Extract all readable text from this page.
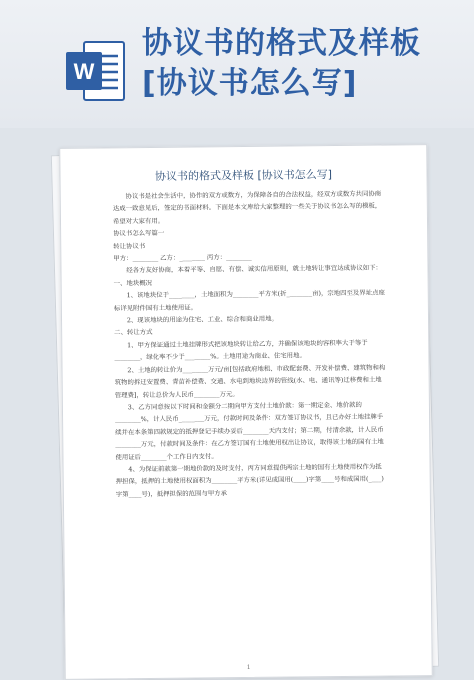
W
协议书的格式及样板[协议书怎么写]
协议书的格式及样板 [协议书怎么写]

协议书是社会生活中，协作的双方或数方，为保障各自的合法权益，经双方或数方共同协商达成一致意见后，签定的书面材料。下面是本文库给大家整理的一些关于协议书怎么写的模板，希望对大家有用。

协议书怎么写篇一

转让协议书

甲方：________ 乙方：________ 丙方：________

经各方友好协商，本着平等、自愿、有偿、诚实信用原则，就土地转让事宜达成协议如下：

一、地块概况

1、该地块位于________，土地面积为________平方米(折________亩)，宗地四至及界址点座标详见附件国有土地使用证。

2、现该地块的用途为住宅、工业、综合和商业用地。

二、转让方式

1、甲方保证通过土地挂牌形式把该地块转让给乙方，并确保该地块的容积率大于等于________，绿化率不少于________%。土地用途为商业、住宅用地。

2、土地的转让价为________万元/亩[包括政府地租、市政配套费、开发补偿费、建筑物和构筑物的拆迁安置费、青苗补偿费、交通、水电到地块边界的管线(水、电、通讯等)迁移费和土地管理费]，转让总价为人民币________万元。

3、乙方同意按以下时间和金额分二期向甲方支付土地价款：第一期定金、地价款的________%，计人民币________万元，付款时间及条件：双方签订协议书，且已办好土地挂牌手续并在本条第四款规定的抵押登记手续办妥后________天内支付；第二期，付清余款，计人民币________万元，付款时间及条件：在乙方签订国有土地使用权出让协议，取得该土地的国有土地使用证后________个工作日内支付。

4、为保证前款第一期地价款的及时支付，丙方同意提供两宗土地的国有土地使用权作为抵押担保，抵押的土地使用权面积为________平方米(详见成国用(____)字第____号和成国用(____)字第____号)，抵押担保的范围与甲方承

1
